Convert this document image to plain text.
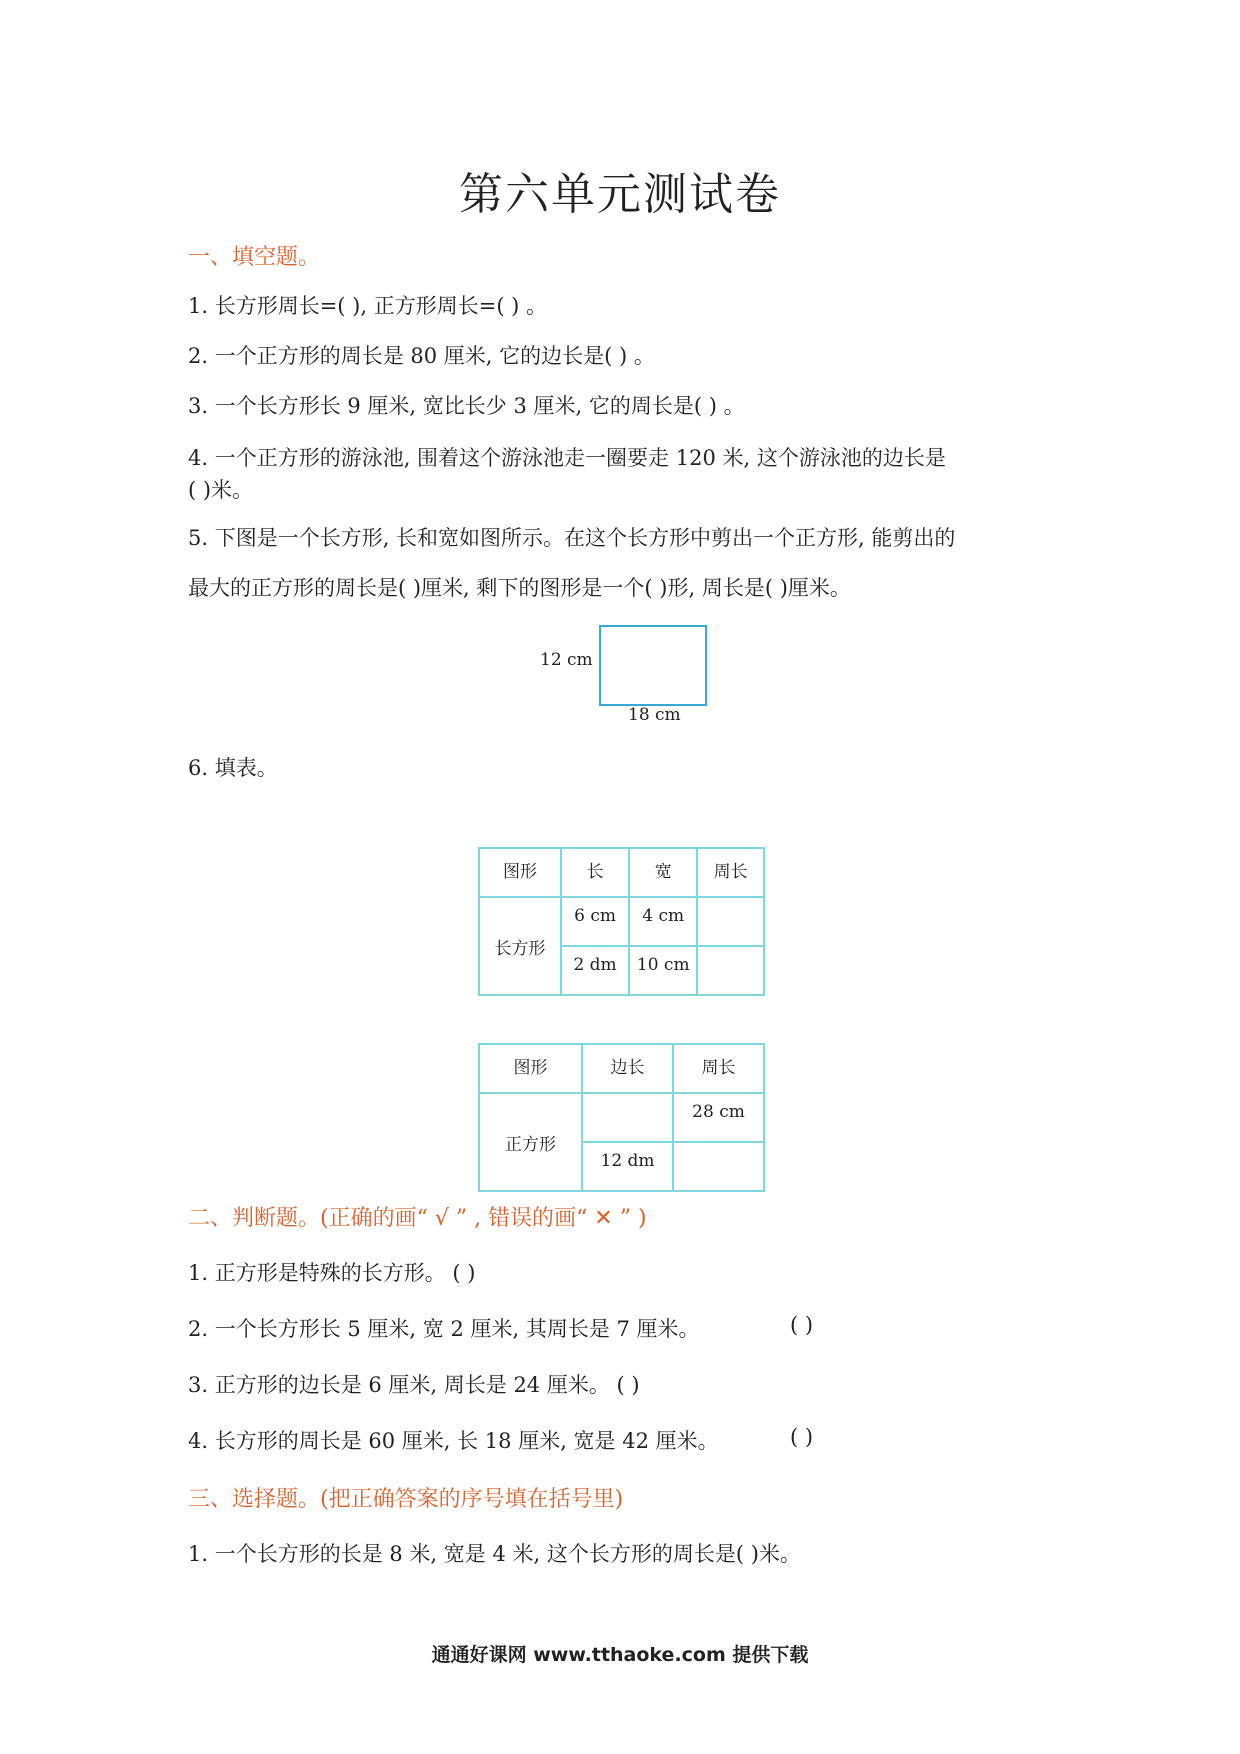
第六单元测试卷
一、填空题。
1. 长方形周长=( ), 正方形周长=( ) 。
2. 一个正方形的周长是 80 厘米, 它的边长是( ) 。
3. 一个长方形长 9 厘米, 宽比长少 3 厘米, 它的周长是( ) 。
4. 一个正方形的游泳池, 围着这个游泳池走一圈要走 120 米, 这个游泳池的边长是
( )米。
5. 下图是一个长方形, 长和宽如图所示。在这个长方形中剪出一个正方形, 能剪出的
最大的正方形的周长是( )厘米, 剩下的图形是一个( )形, 周长是( )厘米。
12 cm
18 cm
6. 填表。
图形	长	宽	周长
长方形	6 cm	4 cm	
	2 dm	10 cm	
图形	边长	周长
正方形		28 cm
	12 dm	
二、判断题。(正确的画“ √ ” , 错误的画“ ✕ ” )
1. 正方形是特殊的长方形。 ( )
2. 一个长方形长 5 厘米, 宽 2 厘米, 其周长是 7 厘米。	( )
3. 正方形的边长是 6 厘米, 周长是 24 厘米。 ( )
4. 长方形的周长是 60 厘米, 长 18 厘米, 宽是 42 厘米。	( )
三、选择题。(把正确答案的序号填在括号里)
1. 一个长方形的长是 8 米, 宽是 4 米, 这个长方形的周长是( )米。
通通好课网 www.tthaoke.com 提供下载
